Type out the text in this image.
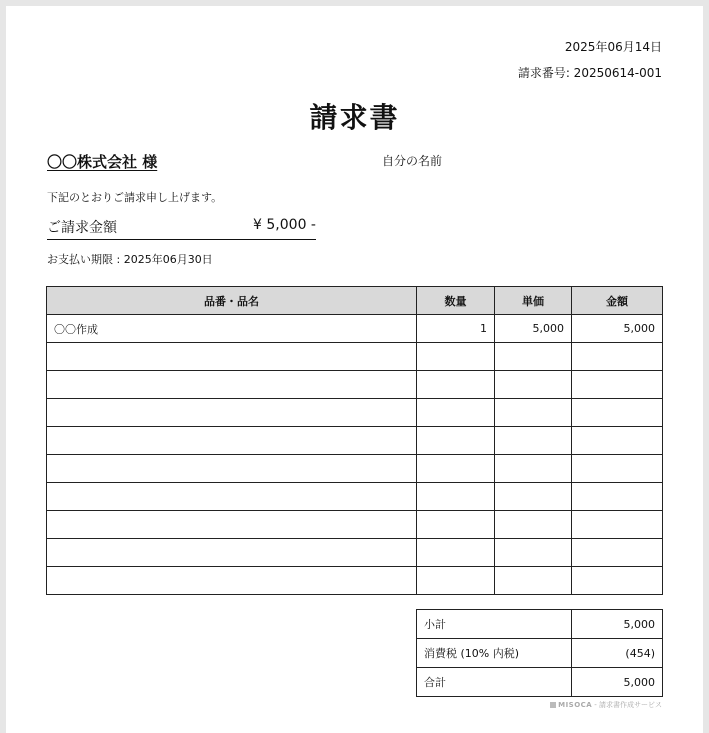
2025年06月14日
請求番号: 20250614-001
請求書
〇〇株式会社 様	自分の名前
下記のとおりご請求申し上げます。
ご請求金額	¥ 5,000 -
お支払い期限 : 2025年06月30日
品番・品名	数量	単価	金額
〇〇作成	1	5,000	5,000

小計	5,000
消費税 (10% 内税)	(454)
合計	5,000
MISOCA - 請求書作成サービス
